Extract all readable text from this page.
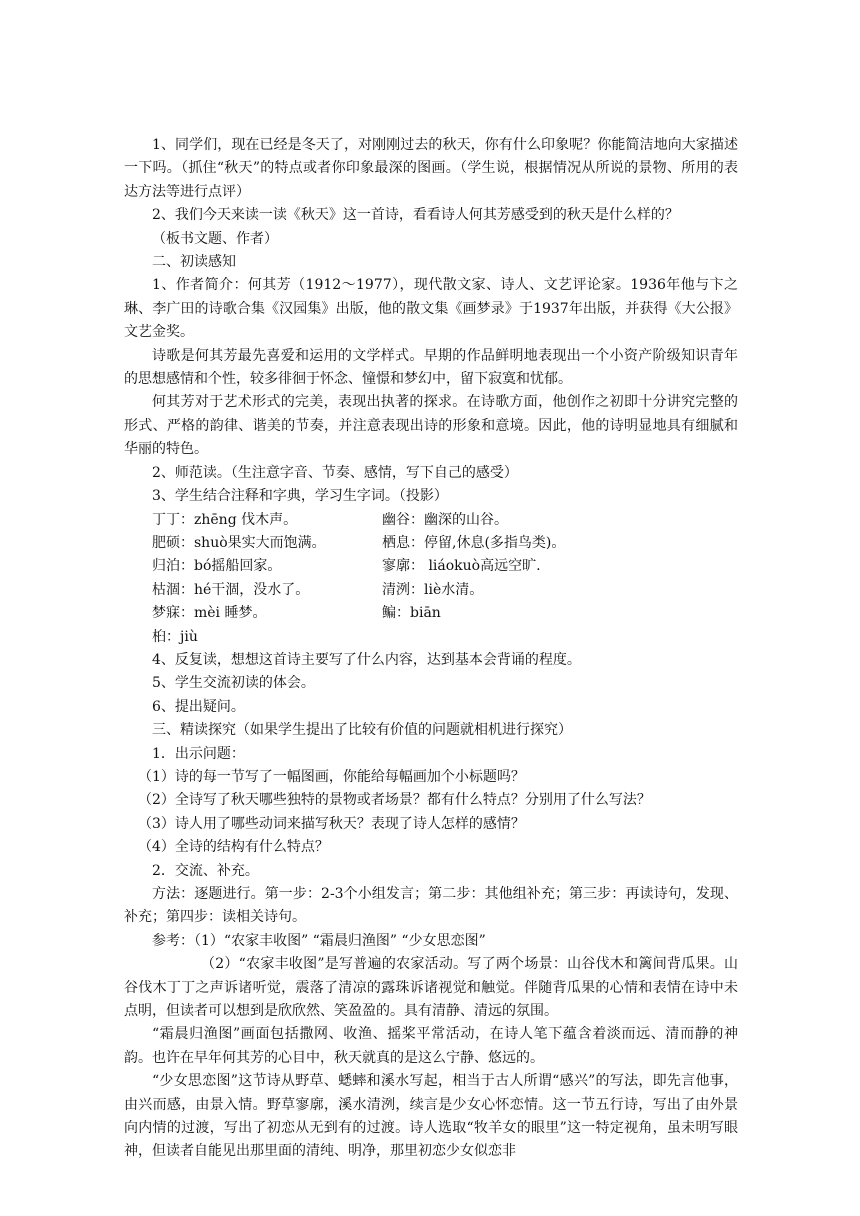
1、同学们，现在已经是冬天了，对刚刚过去的秋天，你有什么印象呢？你能简洁地向大家描述一下吗。（抓住“秋天”的特点或者你印象最深的图画。（学生说，根据情况从所说的景物、所用的表达方法等进行点评）

2、我们今天来读一读《秋天》这一首诗，看看诗人何其芳感受到的秋天是什么样的？

（板书文题、作者）

二、初读感知

1、作者简介：何其芳（1912～1977），现代散文家、诗人、文艺评论家。1936年他与卞之琳、李广田的诗歌合集《汉园集》出版，他的散文集《画梦录》于1937年出版，并获得《大公报》文艺金奖。

诗歌是何其芳最先喜爱和运用的文学样式。早期的作品鲜明地表现出一个小资产阶级知识青年的思想感情和个性，较多徘徊于怀念、憧憬和梦幻中，留下寂寞和忧郁。

何其芳对于艺术形式的完美，表现出执著的探求。在诗歌方面，他创作之初即十分讲究完整的形式、严格的韵律、谐美的节奏，并注意表现出诗的形象和意境。因此，他的诗明显地具有细腻和华丽的特色。

2、师范读。（生注意字音、节奏、感情，写下自己的感受）

3、学生结合注释和字典，学习生字词。（投影）

丁丁：zhēng 伐木声。	幽谷：幽深的山谷。
肥硕：shuò果实大而饱满。	栖息：停留,休息(多指鸟类)。
归泊：bó摇船回家。	寥廓： liáokuò高远空旷.
枯涸：hé干涸，没水了。	清洌：liè水清。
梦寐：mèi 睡梦。	鳊：biān
桕：jiù

4、反复读，想想这首诗主要写了什么内容，达到基本会背诵的程度。

5、学生交流初读的体会。

6、提出疑问。

三、精读探究（如果学生提出了比较有价值的问题就相机进行探究）

1．出示问题：

（1）诗的每一节写了一幅图画，你能给每幅画加个小标题吗？

（2）全诗写了秋天哪些独特的景物或者场景？都有什么特点？分别用了什么写法？

（3）诗人用了哪些动词来描写秋天？表现了诗人怎样的感情？

（4）全诗的结构有什么特点？

2．交流、补充。

方法：逐题进行。第一步：2-3个小组发言；第二步：其他组补充；第三步：再读诗句，发现、补充；第四步：读相关诗句。

参考：（1）“农家丰收图” “霜晨归渔图” “少女思恋图”

（2）“农家丰收图”是写普遍的农家活动。写了两个场景：山谷伐木和篱间背瓜果。山谷伐木丁丁之声诉诸听觉，震落了清凉的露珠诉诸视觉和触觉。伴随背瓜果的心情和表情在诗中未点明，但读者可以想到是欣欣然、笑盈盈的。具有清静、清远的氛围。

“霜晨归渔图”画面包括撒网、收渔、摇桨平常活动，在诗人笔下蕴含着淡而远、清而静的神韵。也许在早年何其芳的心目中，秋天就真的是这么宁静、悠远的。

“少女思恋图”这节诗从野草、蟋蟀和溪水写起，相当于古人所谓“感兴”的写法，即先言他事，由兴而感，由景入情。野草寥廓，溪水清洌，续言是少女心怀恋情。这一节五行诗，写出了由外景向内情的过渡，写出了初恋从无到有的过渡。诗人选取“牧羊女的眼里”这一特定视角，虽未明写眼神，但读者自能见出那里面的清纯、明净，那里初恋少女似恋非
